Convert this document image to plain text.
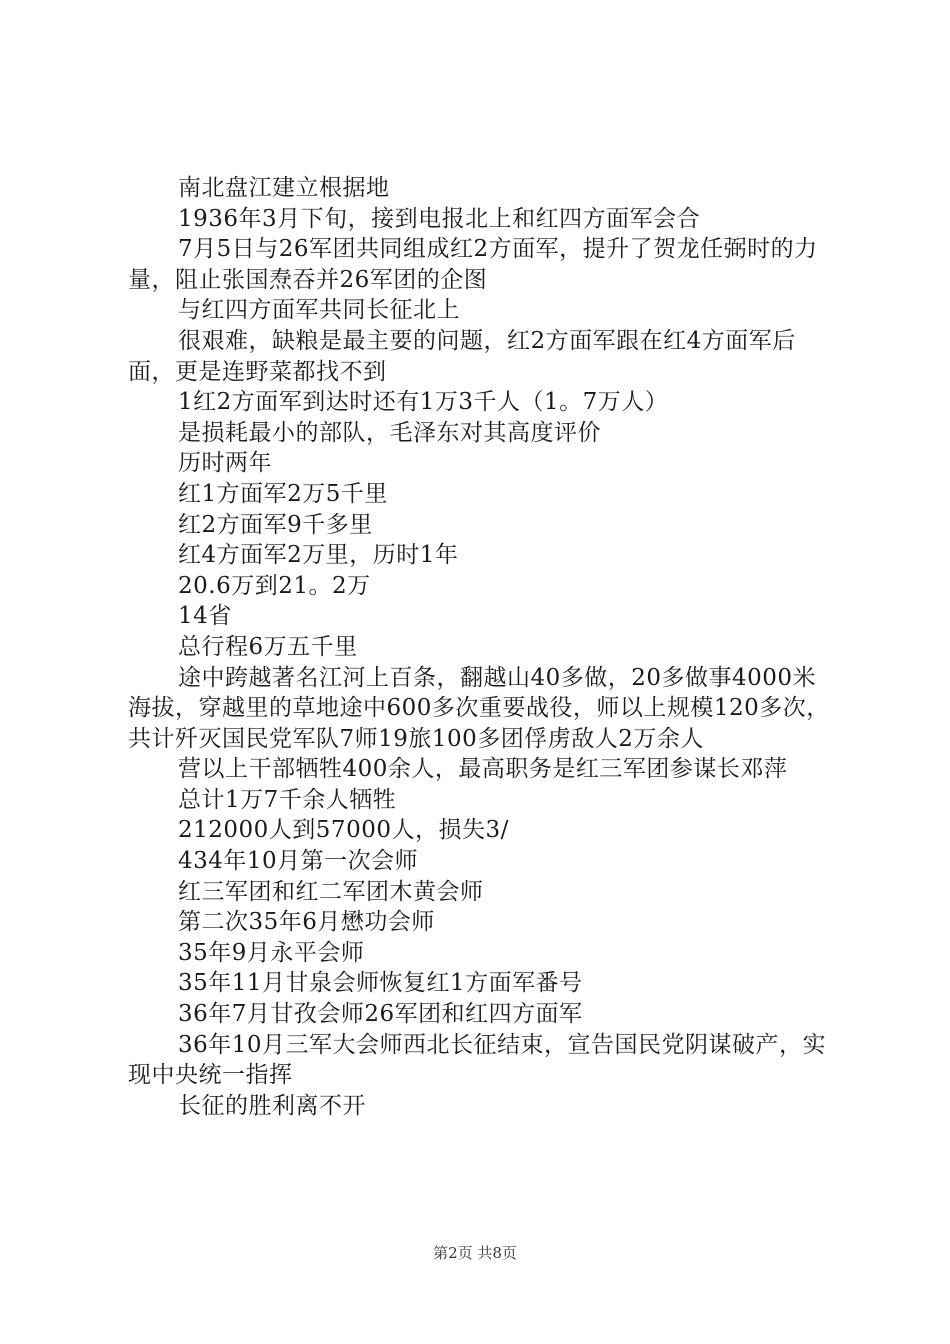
南北盘江建立根据地

1936年3月下旬，接到电报北上和红四方面军会合

7月5日与26军团共同组成红2方面军，提升了贺龙任弼时的力量，阻止张国焘吞并26军团的企图

与红四方面军共同长征北上

很艰难，缺粮是最主要的问题，红2方面军跟在红4方面军后面，更是连野菜都找不到

1红2方面军到达时还有1万3千人（1。7万人）

是损耗最小的部队，毛泽东对其高度评价

历时两年

红1方面军2万5千里

红2方面军9千多里

红4方面军2万里，历时1年

20.6万到21。2万

14省

总行程6万五千里

途中跨越著名江河上百条，翻越山40多做，20多做事4000米海拔，穿越里的草地途中600多次重要战役，师以上规模120多次，共计歼灭国民党军队7师19旅100多团俘虏敌人2万余人

营以上干部牺牲400余人，最高职务是红三军团参谋长邓萍

总计1万7千余人牺牲

212000人到57000人，损失3/

434年10月第一次会师

红三军团和红二军团木黄会师

第二次35年6月懋功会师

35年9月永平会师

35年11月甘泉会师恢复红1方面军番号

36年7月甘孜会师26军团和红四方面军

36年10月三军大会师西北长征结束，宣告国民党阴谋破产，实现中央统一指挥

长征的胜利离不开

第2页 共8页
